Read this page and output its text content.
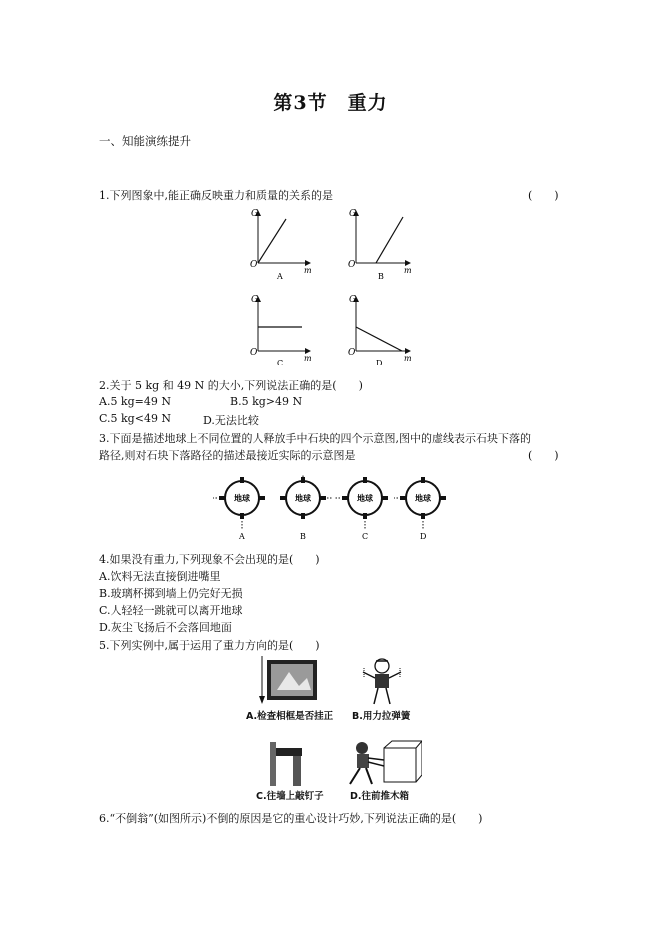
第3节　重力
一、知能演练提升
1.下列图象中,能正确反映重力和质量的关系的是	(　　)
G
O
m
A
G
O
m
B
G
O
m
C
G
O
m
D
2.关于 5 kg 和 49 N 的大小,下列说法正确的是(　　)
A.5 kg=49 N	B.5 kg>49 N
C.5 kg<49 N	D.无法比较
3.下面是描述地球上不同位置的人释放手中石块的四个示意图,图中的虚线表示石块下落的
路径,则对石块下落路径的描述最接近实际的示意图是	(　　)
地球
A
地球
B
地球
C
地球
D
4.如果没有重力,下列现象不会出现的是(　　)
A.饮料无法直接倒进嘴里
B.玻璃杯掷到墙上仍完好无损
C.人轻轻一跳就可以离开地球
D.灰尘飞扬后不会落回地面
5.下列实例中,属于运用了重力方向的是(　　)
A.检查相框是否挂正 B.用力拉弹簧
C.往墙上敲钉子	D.往前推木箱
6.“不倒翁”(如图所示)不倒的原因是它的重心设计巧妙,下列说法正确的是(　　)
